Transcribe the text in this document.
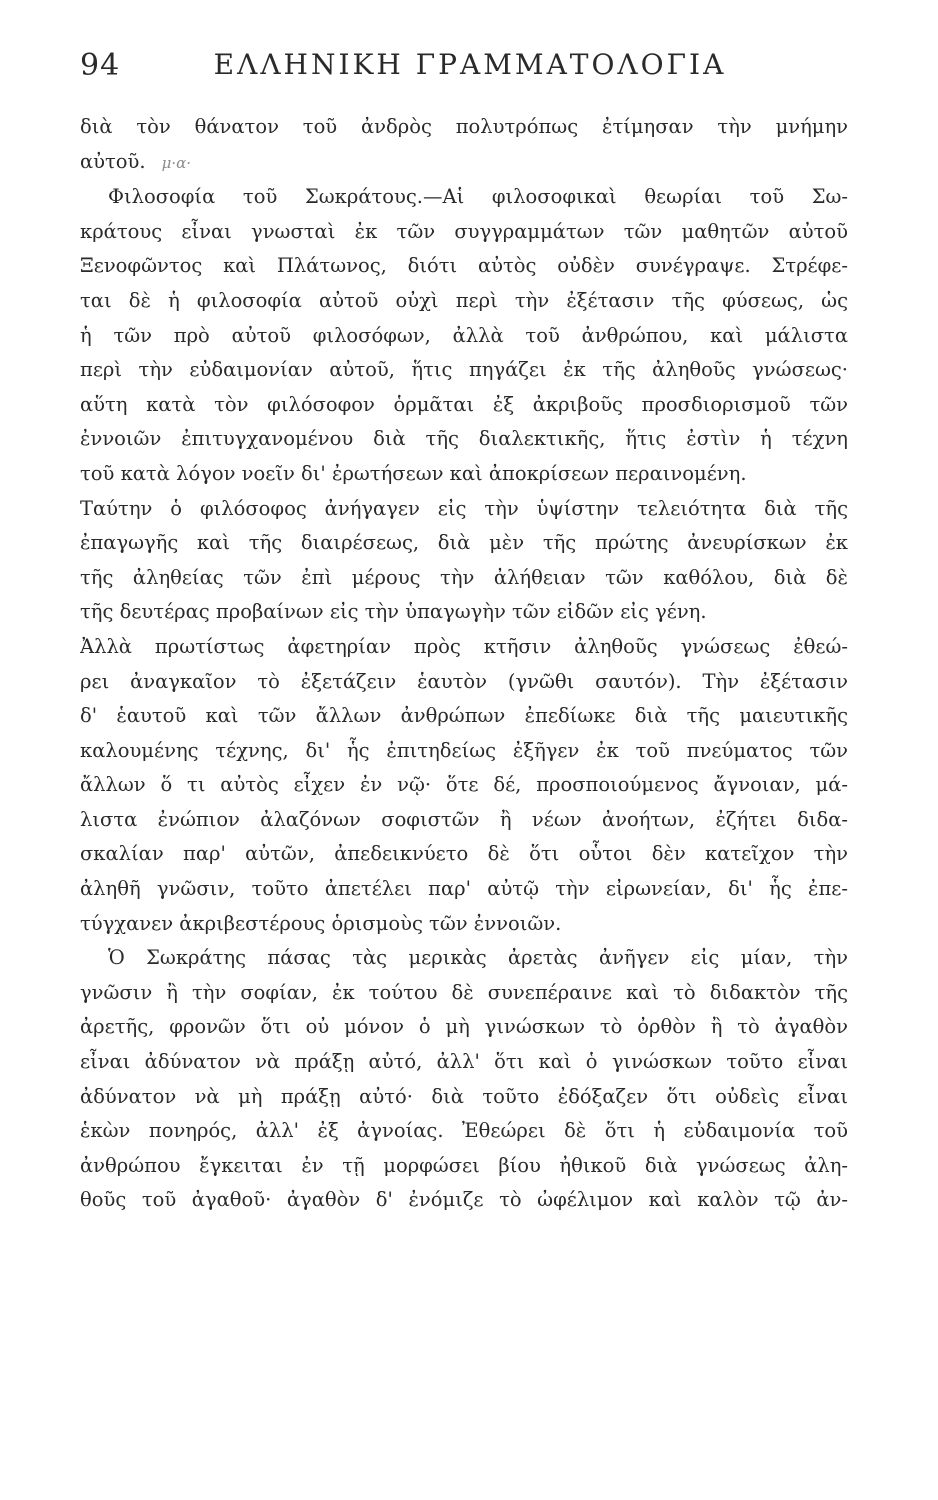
94	ΕΛΛΗΝΙΚΗ ΓΡΑΜΜΑΤΟΛΟΓΙΑ
διὰ τὸν θάνατον τοῦ ἀνδρὸς πολυτρόπως ἐτίμησαν τὴν μνήμην
αὐτοῦ. μ·α·
Φιλοσοφία τοῦ Σωκράτους.—Αἱ φιλοσοφικαὶ θεωρίαι τοῦ Σω-
κράτους εἶναι γνωσταὶ ἐκ τῶν συγγραμμάτων τῶν μαθητῶν αὐτοῦ
Ξενοφῶντος καὶ Πλάτωνος, διότι αὐτὸς οὐδὲν συνέγραψε. Στρέφε-
ται δὲ ἡ φιλοσοφία αὐτοῦ οὐχὶ περὶ τὴν ἐξέτασιν τῆς φύσεως, ὡς
ἡ τῶν πρὸ αὐτοῦ φιλοσόφων, ἀλλὰ τοῦ ἀνθρώπου, καὶ μάλιστα
περὶ τὴν εὐδαιμονίαν αὐτοῦ, ἥτις πηγάζει ἐκ τῆς ἀληθοῦς γνώσεως·
αὕτη κατὰ τὸν φιλόσοφον ὁρμᾶται ἐξ ἀκριβοῦς προσδιορισμοῦ τῶν
ἐννοιῶν ἐπιτυγχανομένου διὰ τῆς διαλεκτικῆς, ἥτις ἐστὶν ἡ τέχνη
τοῦ κατὰ λόγον νοεῖν δι' ἐρωτήσεων καὶ ἀποκρίσεων περαινομένη.
Ταύτην ὁ φιλόσοφος ἀνήγαγεν εἰς τὴν ὑψίστην τελειότητα διὰ τῆς
ἐπαγωγῆς καὶ τῆς διαιρέσεως, διὰ μὲν τῆς πρώτης ἀνευρίσκων ἐκ
τῆς ἀληθείας τῶν ἐπὶ μέρους τὴν ἀλήθειαν τῶν καθόλου, διὰ δὲ
τῆς δευτέρας προβαίνων εἰς τὴν ὑπαγωγὴν τῶν εἰδῶν εἰς γένη.
Ἀλλὰ πρωτίστως ἀφετηρίαν πρὸς κτῆσιν ἀληθοῦς γνώσεως ἐθεώ-
ρει ἀναγκαῖον τὸ ἐξετάζειν ἑαυτὸν (γνῶθι σαυτόν). Τὴν ἐξέτασιν
δ' ἑαυτοῦ καὶ τῶν ἄλλων ἀνθρώπων ἐπεδίωκε διὰ τῆς μαιευτικῆς
καλουμένης τέχνης, δι' ἧς ἐπιτηδείως ἐξῆγεν ἐκ τοῦ πνεύματος τῶν
ἄλλων ὅ τι αὐτὸς εἶχεν ἐν νῷ· ὅτε δέ, προσποιούμενος ἄγνοιαν, μά-
λιστα ἐνώπιον ἀλαζόνων σοφιστῶν ἢ νέων ἀνοήτων, ἐζήτει διδα-
σκαλίαν παρ' αὐτῶν, ἀπεδεικνύετο δὲ ὅτι οὗτοι δὲν κατεῖχον τὴν
ἀληθῆ γνῶσιν, τοῦτο ἀπετέλει παρ' αὐτῷ τὴν εἰρωνείαν, δι' ἧς ἐπε-
τύγχανεν ἀκριβεστέρους ὁρισμοὺς τῶν ἐννοιῶν.
Ὁ Σωκράτης πάσας τὰς μερικὰς ἀρετὰς ἀνῆγεν εἰς μίαν, τὴν
γνῶσιν ἢ τὴν σοφίαν, ἐκ τούτου δὲ συνεπέραινε καὶ τὸ διδακτὸν τῆς
ἀρετῆς, φρονῶν ὅτι οὐ μόνον ὁ μὴ γινώσκων τὸ ὀρθὸν ἢ τὸ ἀγαθὸν
εἶναι ἀδύνατον νὰ πράξῃ αὐτό, ἀλλ' ὅτι καὶ ὁ γινώσκων τοῦτο εἶναι
ἀδύνατον νὰ μὴ πράξῃ αὐτό· διὰ τοῦτο ἐδόξαζεν ὅτι οὐδεὶς εἶναι
ἑκὼν πονηρός, ἀλλ' ἐξ ἀγνοίας. Ἐθεώρει δὲ ὅτι ἡ εὐδαιμονία τοῦ
ἀνθρώπου ἔγκειται ἐν τῇ μορφώσει βίου ἠθικοῦ διὰ γνώσεως ἀλη-
θοῦς τοῦ ἀγαθοῦ· ἀγαθὸν δ' ἐνόμιζε τὸ ὠφέλιμον καὶ καλὸν τῷ ἀν-
